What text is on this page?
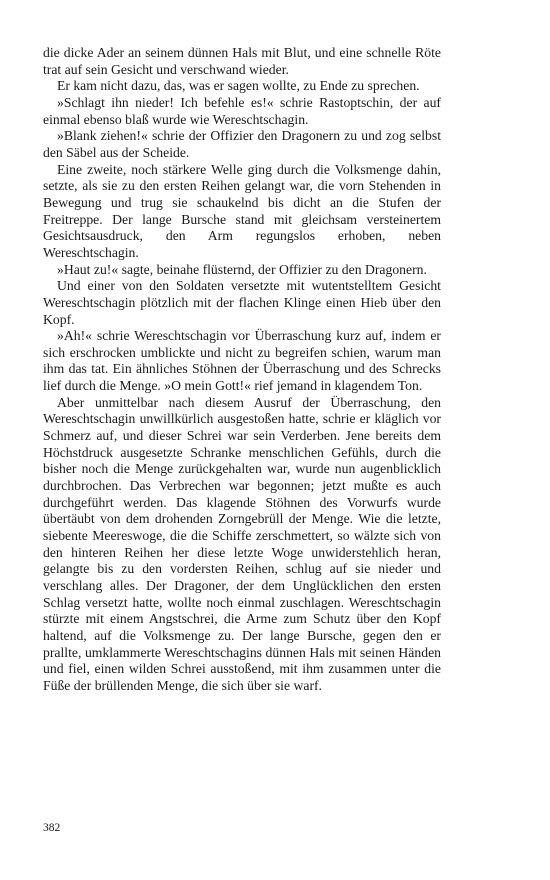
die dicke Ader an seinem dünnen Hals mit Blut, und eine schnelle Röte trat auf sein Gesicht und verschwand wieder.

Er kam nicht dazu, das, was er sagen wollte, zu Ende zu sprechen.

»Schlagt ihn nieder! Ich befehle es!« schrie Rastoptschin, der auf einmal ebenso blaß wurde wie Wereschtschagin.

»Blank ziehen!« schrie der Offizier den Dragonern zu und zog selbst den Säbel aus der Scheide.

Eine zweite, noch stärkere Welle ging durch die Volksmenge dahin, setzte, als sie zu den ersten Reihen gelangt war, die vorn Stehenden in Bewegung und trug sie schaukelnd bis dicht an die Stufen der Freitreppe. Der lange Bursche stand mit gleichsam versteinertem Gesichtsausdruck, den Arm regungslos erhoben, neben Wereschtschagin.

»Haut zu!« sagte, beinahe flüsternd, der Offizier zu den Dragonern.

Und einer von den Soldaten versetzte mit wutentstelltem Gesicht Wereschtschagin plötzlich mit der flachen Klinge einen Hieb über den Kopf.

»Ah!« schrie Wereschtschagin vor Überraschung kurz auf, indem er sich erschrocken umblickte und nicht zu begreifen schien, warum man ihm das tat. Ein ähnliches Stöhnen der Überraschung und des Schrecks lief durch die Menge. »O mein Gott!« rief jemand in klagendem Ton.

Aber unmittelbar nach diesem Ausruf der Überraschung, den Wereschtschagin unwillkürlich ausgestoßen hatte, schrie er kläglich vor Schmerz auf, und dieser Schrei war sein Verderben. Jene bereits dem Höchstdruck ausgesetzte Schranke menschlichen Gefühls, durch die bisher noch die Menge zurückgehalten war, wurde nun augenblicklich durchbrochen. Das Verbrechen war begonnen; jetzt mußte es auch durchgeführt werden. Das klagende Stöhnen des Vorwurfs wurde übertäubt von dem drohenden Zorngebrüll der Menge. Wie die letzte, siebente Meereswoge, die die Schiffe zerschmettert, so wälzte sich von den hinteren Reihen her diese letzte Woge unwiderstehlich heran, gelangte bis zu den vordersten Reihen, schlug auf sie nieder und verschlang alles. Der Dragoner, der dem Unglücklichen den ersten Schlag versetzt hatte, wollte noch einmal zuschlagen. Wereschtschagin stürzte mit einem Angstschrei, die Arme zum Schutz über den Kopf haltend, auf die Volksmenge zu. Der lange Bursche, gegen den er prallte, umklammerte Wereschtschagins dünnen Hals mit seinen Händen und fiel, einen wilden Schrei ausstoßend, mit ihm zusammen unter die Füße der brüllenden Menge, die sich über sie warf.

382
